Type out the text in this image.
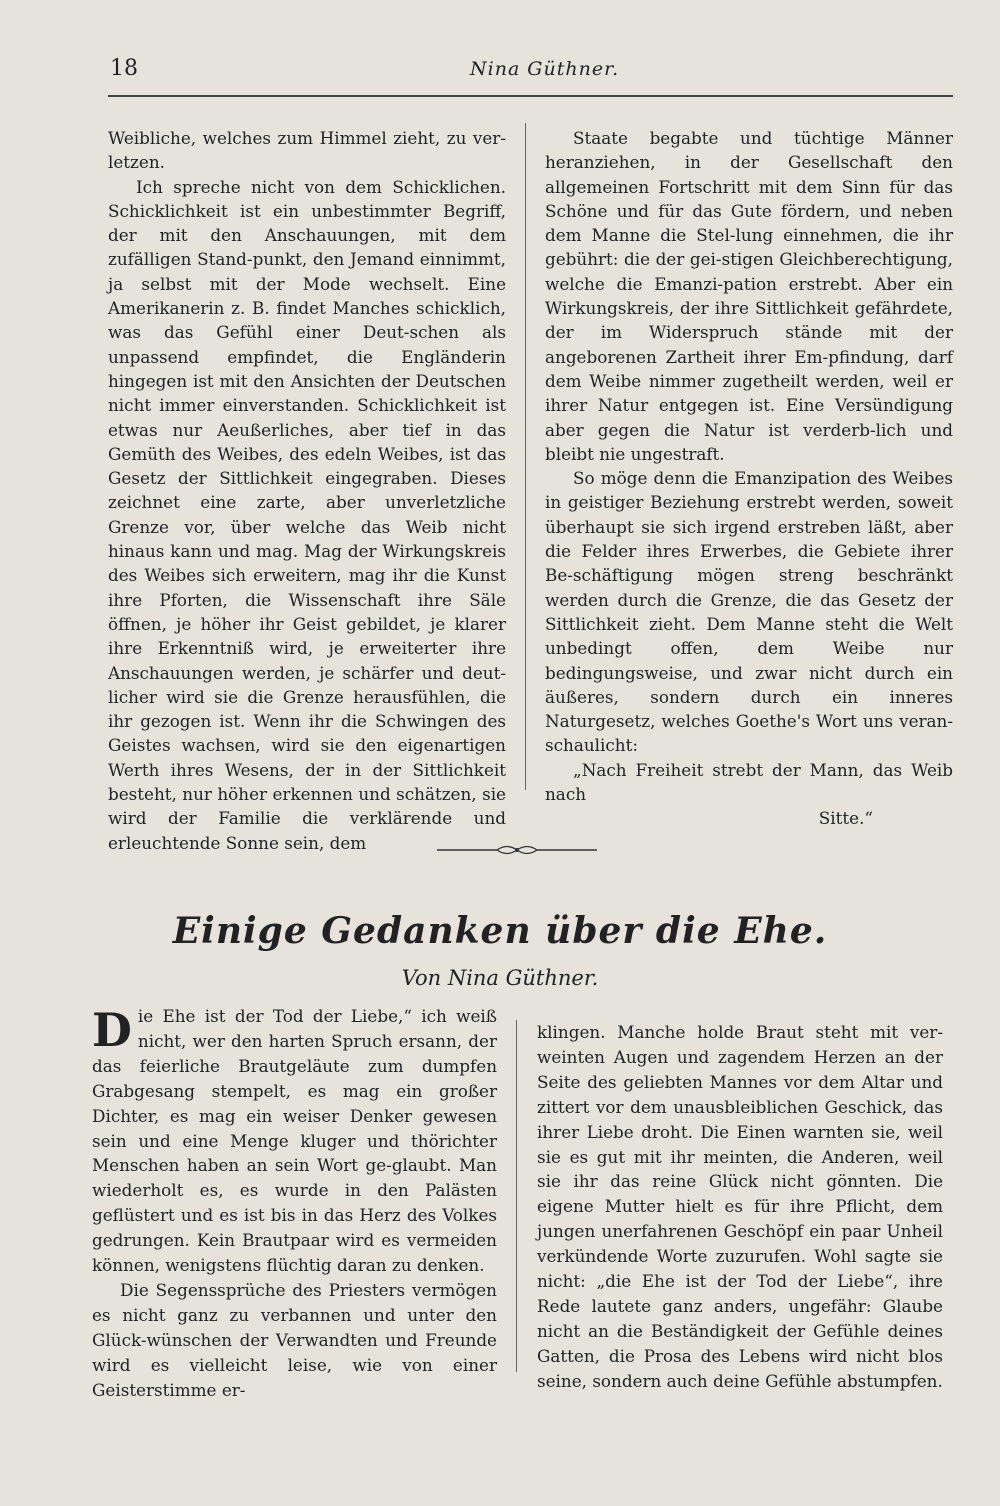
18	Nina Güthner.

Weibliche, welches zum Himmel zieht, zu ver-letzen.

Ich spreche nicht von dem Schicklichen. Schicklichkeit ist ein unbestimmter Begriff, der mit den Anschauungen, mit dem zufälligen Stand-punkt, den Jemand einnimmt, ja selbst mit der Mode wechselt. Eine Amerikanerin z. B. findet Manches schicklich, was das Gefühl einer Deut-schen als unpassend empfindet, die Engländerin hingegen ist mit den Ansichten der Deutschen nicht immer einverstanden. Schicklichkeit ist etwas nur Aeußerliches, aber tief in das Gemüth des Weibes, des edeln Weibes, ist das Gesetz der Sittlichkeit eingegraben. Dieses zeichnet eine zarte, aber unverletzliche Grenze vor, über welche das Weib nicht hinaus kann und mag. Mag der Wirkungskreis des Weibes sich erweitern, mag ihr die Kunst ihre Pforten, die Wissenschaft ihre Säle öffnen, je höher ihr Geist gebildet, je klarer ihre Erkenntniß wird, je erweiterter ihre Anschauungen werden, je schärfer und deut-licher wird sie die Grenze herausfühlen, die ihr gezogen ist. Wenn ihr die Schwingen des Geistes wachsen, wird sie den eigenartigen Werth ihres Wesens, der in der Sittlichkeit besteht, nur höher erkennen und schätzen, sie wird der Familie die verklärende und erleuchtende Sonne sein, dem

Staate begabte und tüchtige Männer heranziehen, in der Gesellschaft den allgemeinen Fortschritt mit dem Sinn für das Schöne und für das Gute fördern, und neben dem Manne die Stel-lung einnehmen, die ihr gebührt: die der gei-stigen Gleichberechtigung, welche die Emanzi-pation erstrebt. Aber ein Wirkungskreis, der ihre Sittlichkeit gefährdete, der im Widerspruch stände mit der angeborenen Zartheit ihrer Em-pfindung, darf dem Weibe nimmer zugetheilt werden, weil er ihrer Natur entgegen ist. Eine Versündigung aber gegen die Natur ist verderb-lich und bleibt nie ungestraft.

So möge denn die Emanzipation des Weibes in geistiger Beziehung erstrebt werden, soweit überhaupt sie sich irgend erstreben läßt, aber die Felder ihres Erwerbes, die Gebiete ihrer Be-schäftigung mögen streng beschränkt werden durch die Grenze, die das Gesetz der Sittlichkeit zieht. Dem Manne steht die Welt unbedingt offen, dem Weibe nur bedingungsweise, und zwar nicht durch ein äußeres, sondern durch ein inneres Naturgesetz, welches Goethe's Wort uns veran-schaulicht:

„Nach Freiheit strebt der Mann, das Weib nach

Sitte.“

Einige Gedanken über die Ehe.
Von Nina Güthner.

Die Ehe ist der Tod der Liebe,“ ich weiß nicht, wer den harten Spruch ersann, der das feierliche Brautgeläute zum dumpfen Grabgesang stempelt, es mag ein großer Dichter, es mag ein weiser Denker gewesen sein und eine Menge kluger und thörichter Menschen haben an sein Wort ge-glaubt. Man wiederholt es, es wurde in den Palästen geflüstert und es ist bis in das Herz des Volkes gedrungen. Kein Brautpaar wird es vermeiden können, wenigstens flüchtig daran zu denken.

Die Segenssprüche des Priesters vermögen es nicht ganz zu verbannen und unter den Glück-wünschen der Verwandten und Freunde wird es vielleicht leise, wie von einer Geisterstimme er-

klingen. Manche holde Braut steht mit ver-weinten Augen und zagendem Herzen an der Seite des geliebten Mannes vor dem Altar und zittert vor dem unausbleiblichen Geschick, das ihrer Liebe droht. Die Einen warnten sie, weil sie es gut mit ihr meinten, die Anderen, weil sie ihr das reine Glück nicht gönnten. Die eigene Mutter hielt es für ihre Pflicht, dem jungen unerfahrenen Geschöpf ein paar Unheil verkündende Worte zuzurufen. Wohl sagte sie nicht: „die Ehe ist der Tod der Liebe“, ihre Rede lautete ganz anders, ungefähr: Glaube nicht an die Beständigkeit der Gefühle deines Gatten, die Prosa des Lebens wird nicht blos seine, sondern auch deine Gefühle abstumpfen.
